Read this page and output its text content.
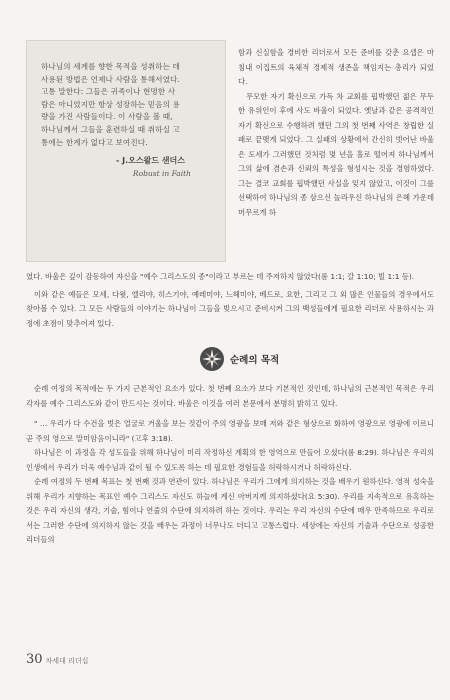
하나님의 세계를 향한 목적을 성취하는 데
사용된 방법은 언제나 사람을 통해서였다.
고통 말한다: 그들은 귀족이나 현명한 사
람은 아니었지만 항상 성장하는 믿음의 용
량을 가진 사람들이다. 이 사람을 볼 때,
하나님께서 그들을 훈련하실 때 취하실 고
통에는 한계가 없다고 보여진다.
- J.오스왈드 샌더스
Robust in Faith

함과 신실함을 경비한 리더로서 모든 준비를 갖춘 요셉은 마침내 이집트의 육체적 경제적 생존을 책임지는 총리가 되었다.

무모한 자기 확신으로 가득 차 교회를 핍박했던 젊은 무두한 유위인이 후에 사도 바울이 되었다. 옛날과 같은 공격적인 자기 확신으로 수행하려 했던 그의 첫 번째 사역은 창립한 실패로 끝맺게 되었다. 그 실패의 상황에서 간신히 벗어난 바울은 도세가 그러했던 것처럼 몇 년을 홀로 떨어져 하나님께서 그의 삶에 겸손과 신뢰의 특성을 형성시는 것을 경험하였다. 그는 결코 교회를 핍박했던 사실을 잊지 않았고, 이것이 그를 선택하여 하나님의 종 삼으신 놀라우신 하나님의 은혜 가운데 머무르게 하

였다. 바울은 깊이 감동하여 자신을 "예수 그리스도의 종"이라고 부르는 데 주저하지 않았다(롬 1:1; 갈 1:10; 빌 1:1 등).

이와 같은 예들은 모세, 다윗, 엘리야, 히스기야, 예레미야, 느헤미야, 베드로, 요한, 그리고 그 외 많은 인물들의 경우에서도 찾아볼 수 있다. 그 모든 사람들의 이야기는 하나님이 그들을 빚으시고 준비시켜 그의 백성들에게 필요한 리더로 사용하시는 과정에 초점이 맞추어져 있다.

순례의 목적

순례 여정의 목적에는 두 가지 근본적인 요소가 있다. 첫 번째 요소가 보다 기본적인 것인데, 하나님의 근본적인 목적은 우리 각자를 예수 그리스도와 같이 만드시는 것이다. 바울은 이것을 여러 본문에서 분명히 밝히고 있다.

" … 우리가 다 수건을 벗은 얼굴로 거울을 보는 것같이 주의 영광을 보매 저와 같은 형상으로 화하여 영광으로 영광에 이르니 곧 주의 영으로 말미암음이니라" (고후 3:18).

하나님은 이 과정을 각 성도들을 위해 하나님이 미리 작정하신 계획의 한 영역으로 만들어 오셨다(롬 8:29). 하나님은 우리의 인생에서 우리가 더욱 예수님과 같이 될 수 있도록 하는 데 필요한 경험들을 허락하시거나 허락하신다.

순례 여정의 두 번째 목표는 첫 번째 것과 연관이 있다. 하나님은 우리가 그에게 의지하는 것을 배우기 원하신다. 영적 성숙을 위해 우리가 지향하는 목표인 예수 그리스도 자신도 하늘에 계신 아버지께 의지하셨다(요 5:30). 우리를 지속적으로 유혹하는 것은 우리 자신의 생각, 기술, 힘이나 연줄의 수단에 의지하려 하는 것이다. 우리는 우리 자신의 수단에 매우 만족하므로 우리로서는 그러한 수단에 의지하지 않는 것을 배우는 과정이 너무나도 더디고 고통스럽다. 세상에는 자신의 기술과 수단으로 성공한 리더들의

30 차세대 리더십
